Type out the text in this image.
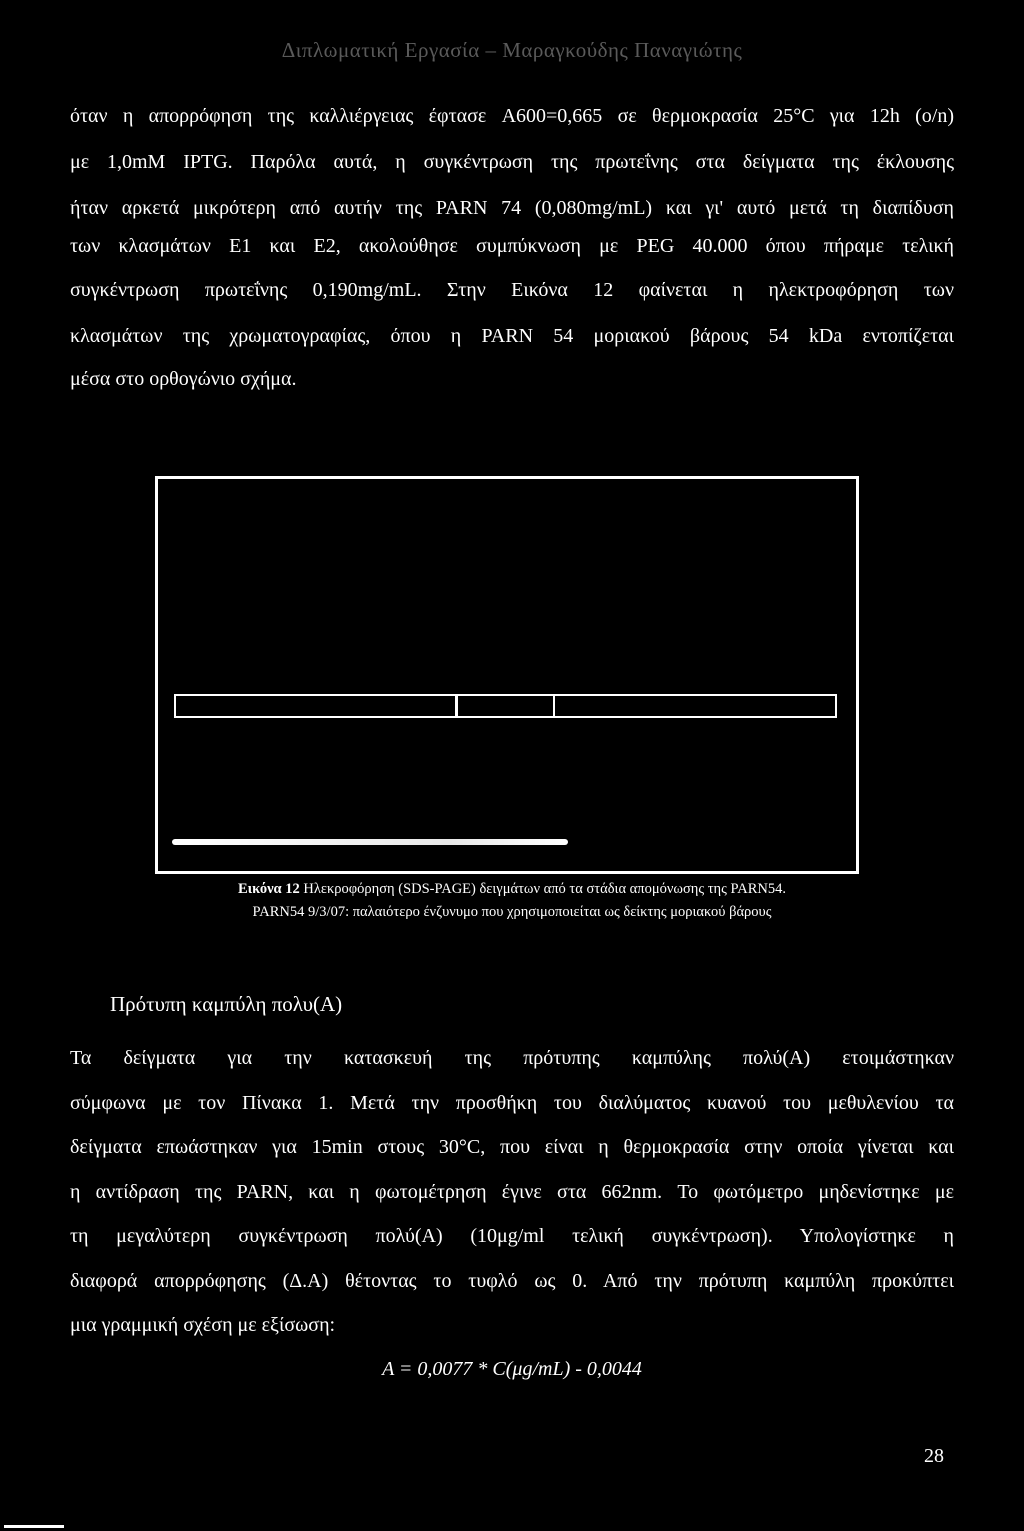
Διπλωματική Εργασία – Μαραγκούδης Παναγιώτης
όταν η απορρόφηση της καλλιέργειας έφτασε A600=0,665 σε θερμοκρασία 25°C για 12h (o/n)
με 1,0mM IPTG. Παρόλα αυτά, η συγκέντρωση της πρωτεΐνης στα δείγματα της έκλουσης
ήταν αρκετά μικρότερη από αυτήν της PARN 74 (0,080mg/mL) και γι' αυτό μετά τη διαπίδυση
των κλασμάτων E1 και E2, ακολούθησε συμπύκνωση με PEG 40.000 όπου πήραμε τελική
συγκέντρωση πρωτεΐνης 0,190mg/mL. Στην Εικόνα 12 φαίνεται η ηλεκτροφόρηση των
κλασμάτων της χρωματογραφίας, όπου η PARN 54 μοριακού βάρους 54 kDa εντοπίζεται
μέσα στο ορθογώνιο σχήμα.
Εικόνα 12 Ηλεκροφόρηση (SDS-PAGE) δειγμάτων από τα στάδια απομόνωσης της PARN54.
PARN54 9/3/07: παλαιότερο ένζυνυμο που χρησιμοποιείται ως δείκτης μοριακού βάρους
Πρότυπη καμπύλη πολυ(Α)
Τα δείγματα για την κατασκευή της πρότυπης καμπύλης πολύ(Α) ετοιμάστηκαν
σύμφωνα με τον Πίνακα 1. Μετά την προσθήκη του διαλύματος κυανού του μεθυλενίου τα
δείγματα επωάστηκαν για 15min στους 30°C, που είναι η θερμοκρασία στην οποία γίνεται και
η αντίδραση της PARN, και η φωτομέτρηση έγινε στα 662nm. Το φωτόμετρο μηδενίστηκε με
τη μεγαλύτερη συγκέντρωση πολύ(Α) (10μg/ml τελική συγκέντρωση). Υπολογίστηκε η
διαφορά απορρόφησης (Δ.Α) θέτοντας το τυφλό ως 0. Από την πρότυπη καμπύλη προκύπτει
μια γραμμική σχέση με εξίσωση:
A = 0,0077 * C(μg/mL) - 0,0044
28
